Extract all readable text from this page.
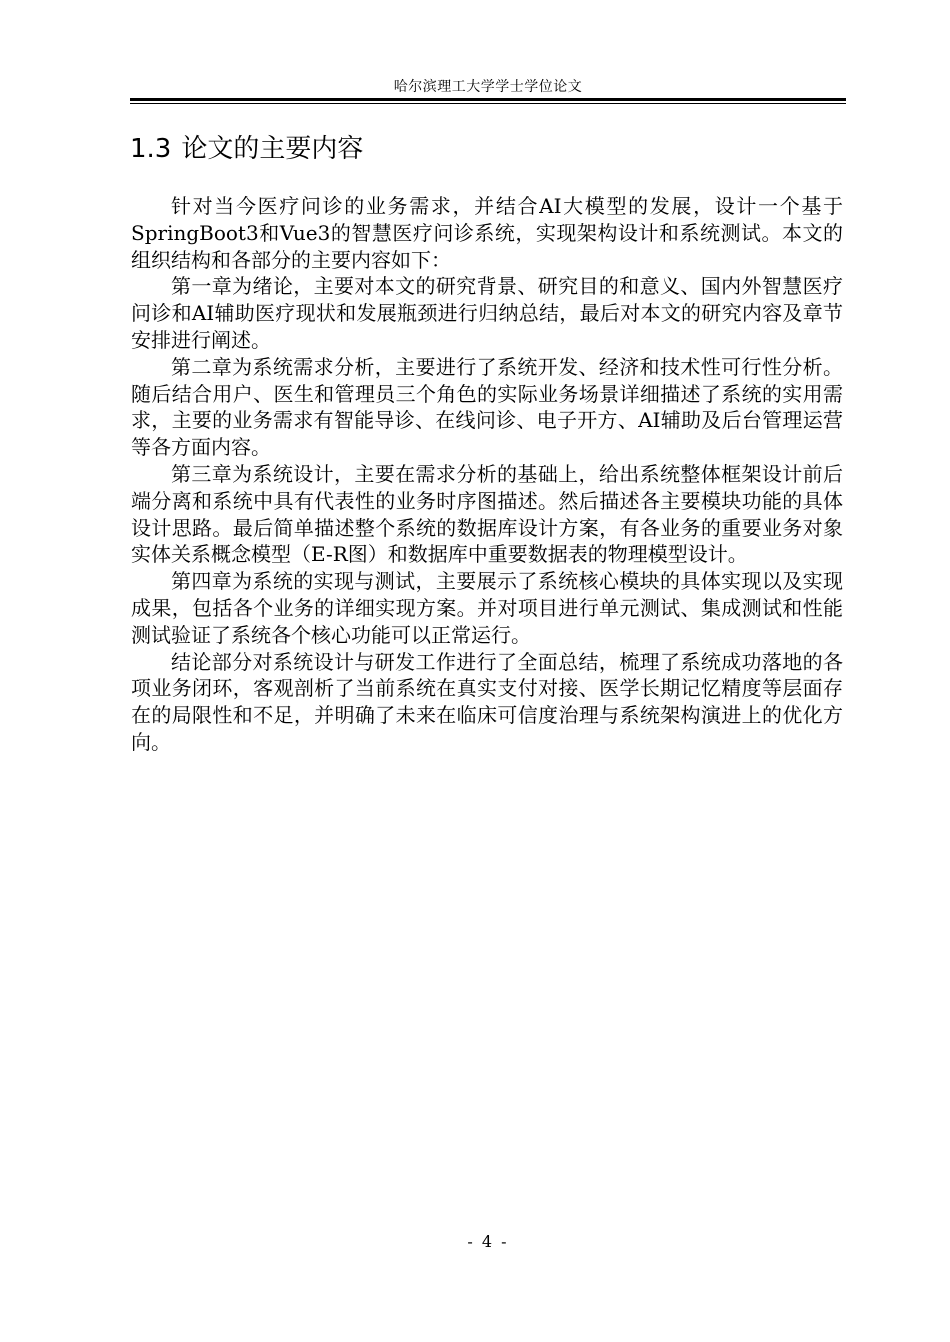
哈尔滨理工大学学士学位论文
1.3 论文的主要内容

针对当今医疗问诊的业务需求，并结合AI大模型的发展，设计一个基于SpringBoot3和Vue3的智慧医疗问诊系统，实现架构设计和系统测试。本文的组织结构和各部分的主要内容如下：

第一章为绪论，主要对本文的研究背景、研究目的和意义、国内外智慧医疗问诊和AI辅助医疗现状和发展瓶颈进行归纳总结，最后对本文的研究内容及章节安排进行阐述。

第二章为系统需求分析，主要进行了系统开发、经济和技术性可行性分析。随后结合用户、医生和管理员三个角色的实际业务场景详细描述了系统的实用需求，主要的业务需求有智能导诊、在线问诊、电子开方、AI辅助及后台管理运营等各方面内容。

第三章为系统设计，主要在需求分析的基础上，给出系统整体框架设计前后端分离和系统中具有代表性的业务时序图描述。然后描述各主要模块功能的具体设计思路。最后简单描述整个系统的数据库设计方案，有各业务的重要业务对象实体关系概念模型（E-R图）和数据库中重要数据表的物理模型设计。

第四章为系统的实现与测试，主要展示了系统核心模块的具体实现以及实现成果，包括各个业务的详细实现方案。并对项目进行单元测试、集成测试和性能测试验证了系统各个核心功能可以正常运行。

结论部分对系统设计与研发工作进行了全面总结，梳理了系统成功落地的各项业务闭环，客观剖析了当前系统在真实支付对接、医学长期记忆精度等层面存在的局限性和不足，并明确了未来在临床可信度治理与系统架构演进上的优化方向。

- 4 -
